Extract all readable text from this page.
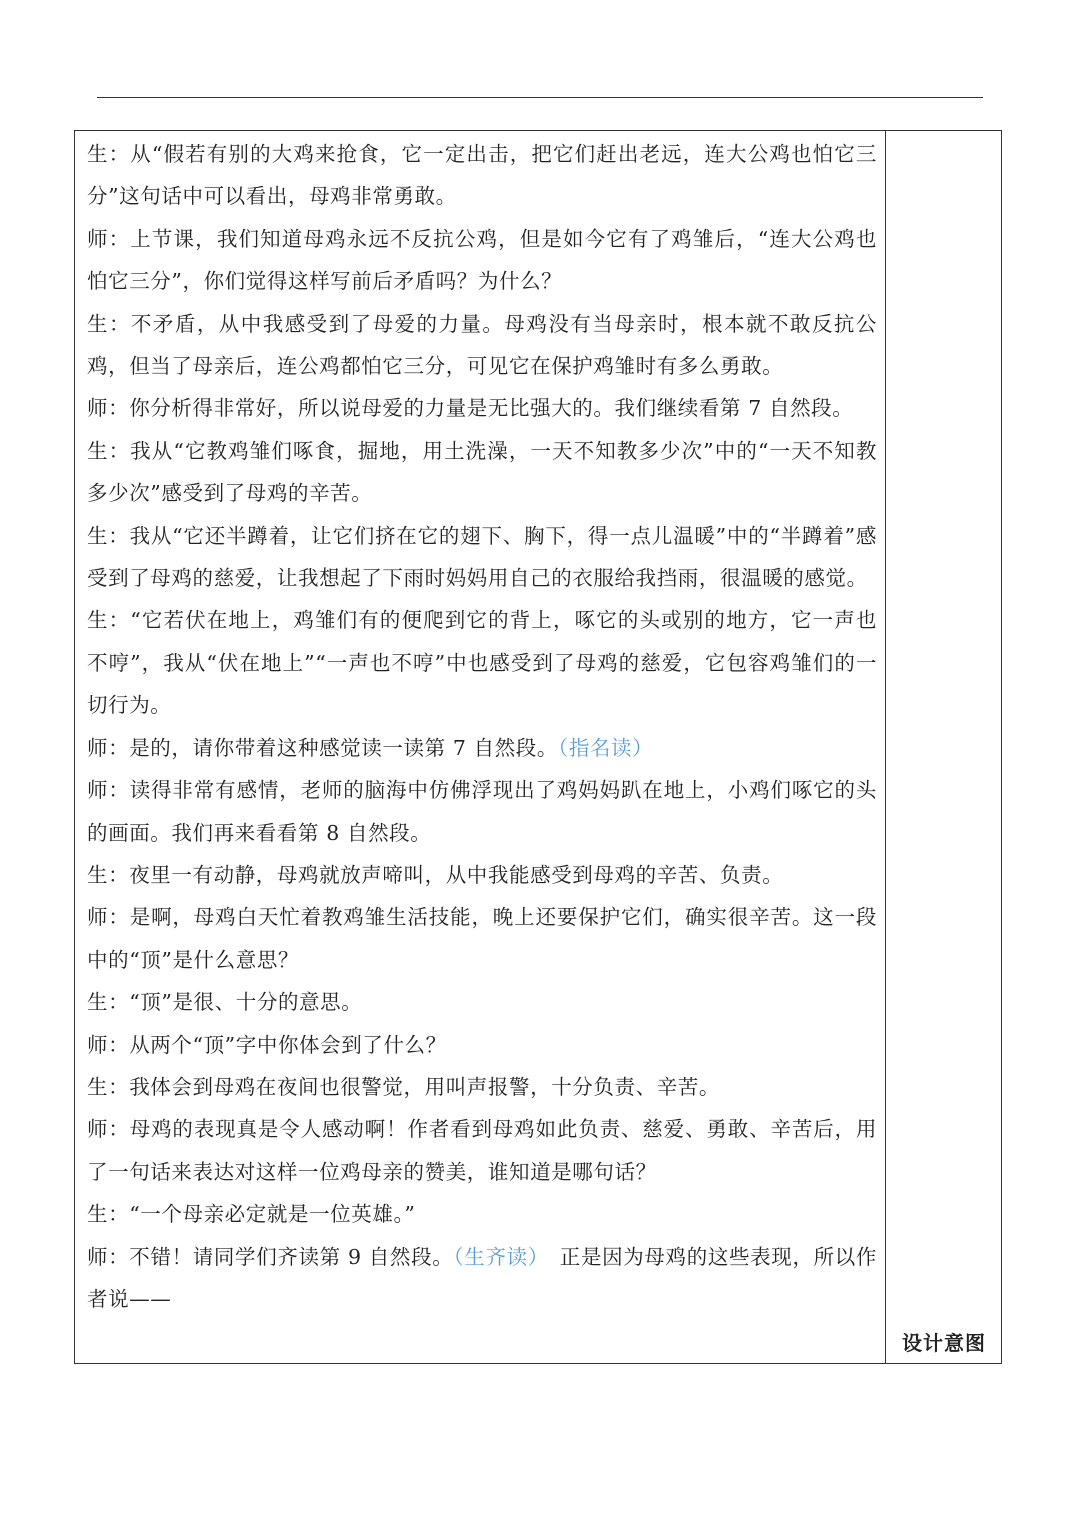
生：从“假若有别的大鸡来抢食，它一定出击，把它们赶出老远，连大公鸡也怕它三分”这句话中可以看出，母鸡非常勇敢。

师：上节课，我们知道母鸡永远不反抗公鸡，但是如今它有了鸡雏后，“连大公鸡也怕它三分”，你们觉得这样写前后矛盾吗？为什么？

生：不矛盾，从中我感受到了母爱的力量。母鸡没有当母亲时，根本就不敢反抗公鸡，但当了母亲后，连公鸡都怕它三分，可见它在保护鸡雏时有多么勇敢。

师：你分析得非常好，所以说母爱的力量是无比强大的。我们继续看第 7 自然段。

生：我从“它教鸡雏们啄食，掘地，用土洗澡，一天不知教多少次”中的“一天不知教多少次”感受到了母鸡的辛苦。

生：我从“它还半蹲着，让它们挤在它的翅下、胸下，得一点儿温暖”中的“半蹲着”感受到了母鸡的慈爱，让我想起了下雨时妈妈用自己的衣服给我挡雨，很温暖的感觉。

生：“它若伏在地上，鸡雏们有的便爬到它的背上，啄它的头或别的地方，它一声也不哼”，我从“伏在地上”“一声也不哼”中也感受到了母鸡的慈爱，它包容鸡雏们的一切行为。

师：是的，请你带着这种感觉读一读第 7 自然段。（指名读）

师：读得非常有感情，老师的脑海中仿佛浮现出了鸡妈妈趴在地上，小鸡们啄它的头的画面。我们再来看看第 8 自然段。

生：夜里一有动静，母鸡就放声啼叫，从中我能感受到母鸡的辛苦、负责。

师：是啊，母鸡白天忙着教鸡雏生活技能，晚上还要保护它们，确实很辛苦。这一段中的“顶”是什么意思？

生：“顶”是很、十分的意思。

师：从两个“顶”字中你体会到了什么？

生：我体会到母鸡在夜间也很警觉，用叫声报警，十分负责、辛苦。

师：母鸡的表现真是令人感动啊！作者看到母鸡如此负责、慈爱、勇敢、辛苦后，用了一句话来表达对这样一位鸡母亲的赞美，谁知道是哪句话？

生：“一个母亲必定就是一位英雄。”

师：不错！请同学们齐读第 9 自然段。（生齐读）　正是因为母鸡的这些表现，所以作者说——

设计意图
